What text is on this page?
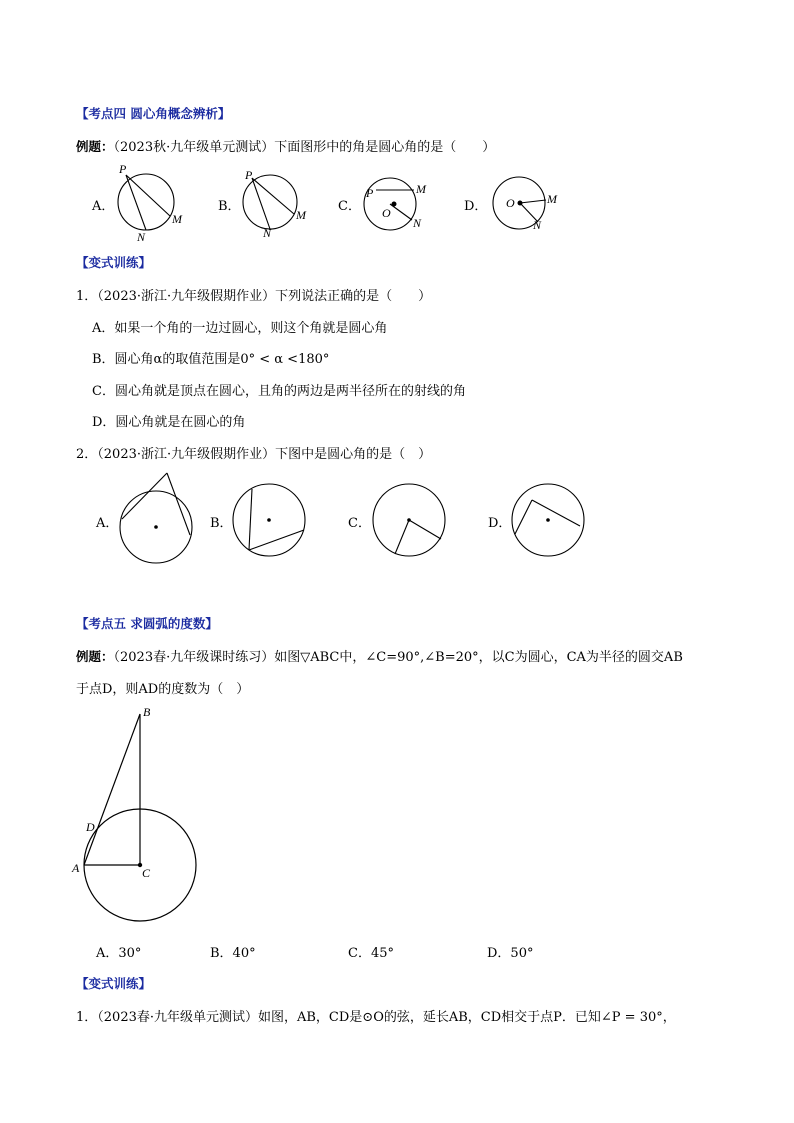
【考点四 圆心角概念辨析】
例题：（2023秋·九年级单元测试）下面图形中的角是圆心角的是（　　）
A．	B．	C．	D．
P
M
N
P
M
N
P	M
O
N
O	M
N
【变式训练】
1．（2023·浙江·九年级假期作业）下列说法正确的是（　　）
A．如果一个角的一边过圆心，则这个角就是圆心角
B．圆心角α的取值范围是0° < α <180°
C．圆心角就是顶点在圆心，且角的两边是两半径所在的射线的角
D．圆心角就是在圆心的角
2．（2023·浙江·九年级假期作业）下图中是圆心角的是（　）
A．	B．	C．	D．
【考点五 求圆弧的度数】
例题：（2023春·九年级课时练习）如图▽ABC中，∠C=90°,∠B=20°，以C为圆心，CA为半径的圆交AB
于点D，则AD的度数为（　）
B
D
A	C
A．30°	B．40°	C．45°	D．50°
【变式训练】
1．（2023春·九年级单元测试）如图，AB，CD是⊙O的弦，延长AB，CD相交于点P．已知∠P = 30°，
